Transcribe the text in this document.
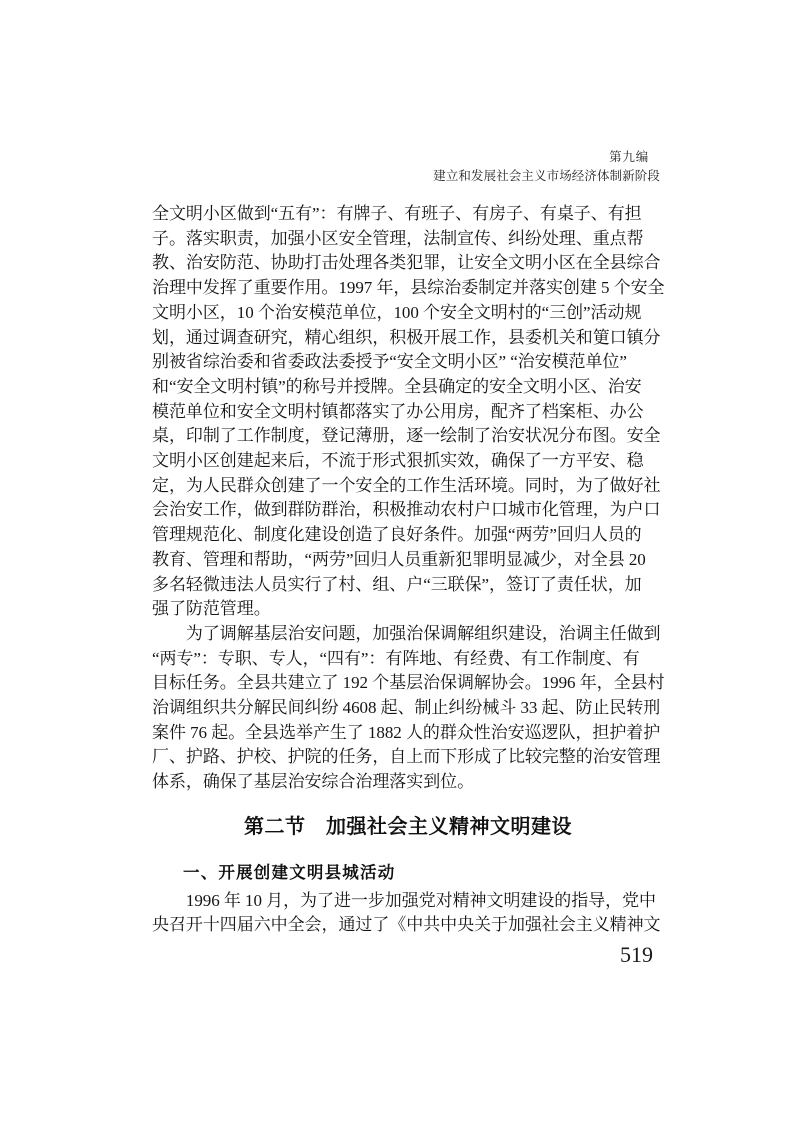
第九编
建立和发展社会主义市场经济体制新阶段
全文明小区做到“五有”：有牌子、有班子、有房子、有桌子、有担
子。落实职责，加强小区安全管理，法制宣传、纠纷处理、重点帮
教、治安防范、协助打击处理各类犯罪，让安全文明小区在全县综合
治理中发挥了重要作用。1997 年，县综治委制定并落实创建 5 个安全
文明小区，10 个治安模范单位，100 个安全文明村的“三创”活动规
划，通过调查研究，精心组织，积极开展工作，县委机关和筻口镇分
别被省综治委和省委政法委授予“安全文明小区” “治安模范单位”
和“安全文明村镇”的称号并授牌。全县确定的安全文明小区、治安
模范单位和安全文明村镇都落实了办公用房，配齐了档案柜、办公
桌，印制了工作制度，登记薄册，逐一绘制了治安状况分布图。安全
文明小区创建起来后，不流于形式狠抓实效，确保了一方平安、稳
定，为人民群众创建了一个安全的工作生活环境。同时，为了做好社
会治安工作，做到群防群治，积极推动农村户口城市化管理，为户口
管理规范化、制度化建设创造了良好条件。加强“两劳”回归人员的
教育、管理和帮助，“两劳”回归人员重新犯罪明显减少，对全县 20
多名轻微违法人员实行了村、组、户“三联保”，签订了责任状，加
强了防范管理。
　　为了调解基层治安问题，加强治保调解组织建设，治调主任做到
“两专”：专职、专人，“四有”：有阵地、有经费、有工作制度、有
目标任务。全县共建立了 192 个基层治保调解协会。1996 年，全县村
治调组织共分解民间纠纷 4608 起、制止纠纷械斗 33 起、防止民转刑
案件 76 起。全县选举产生了 1882 人的群众性治安巡逻队，担护着护
厂、护路、护校、护院的任务，自上而下形成了比较完整的治安管理
体系，确保了基层治安综合治理落实到位。
第二节　加强社会主义精神文明建设
一、开展创建文明县城活动
　　1996 年 10 月，为了进一步加强党对精神文明建设的指导，党中
央召开十四届六中全会，通过了《中共中央关于加强社会主义精神文
519
